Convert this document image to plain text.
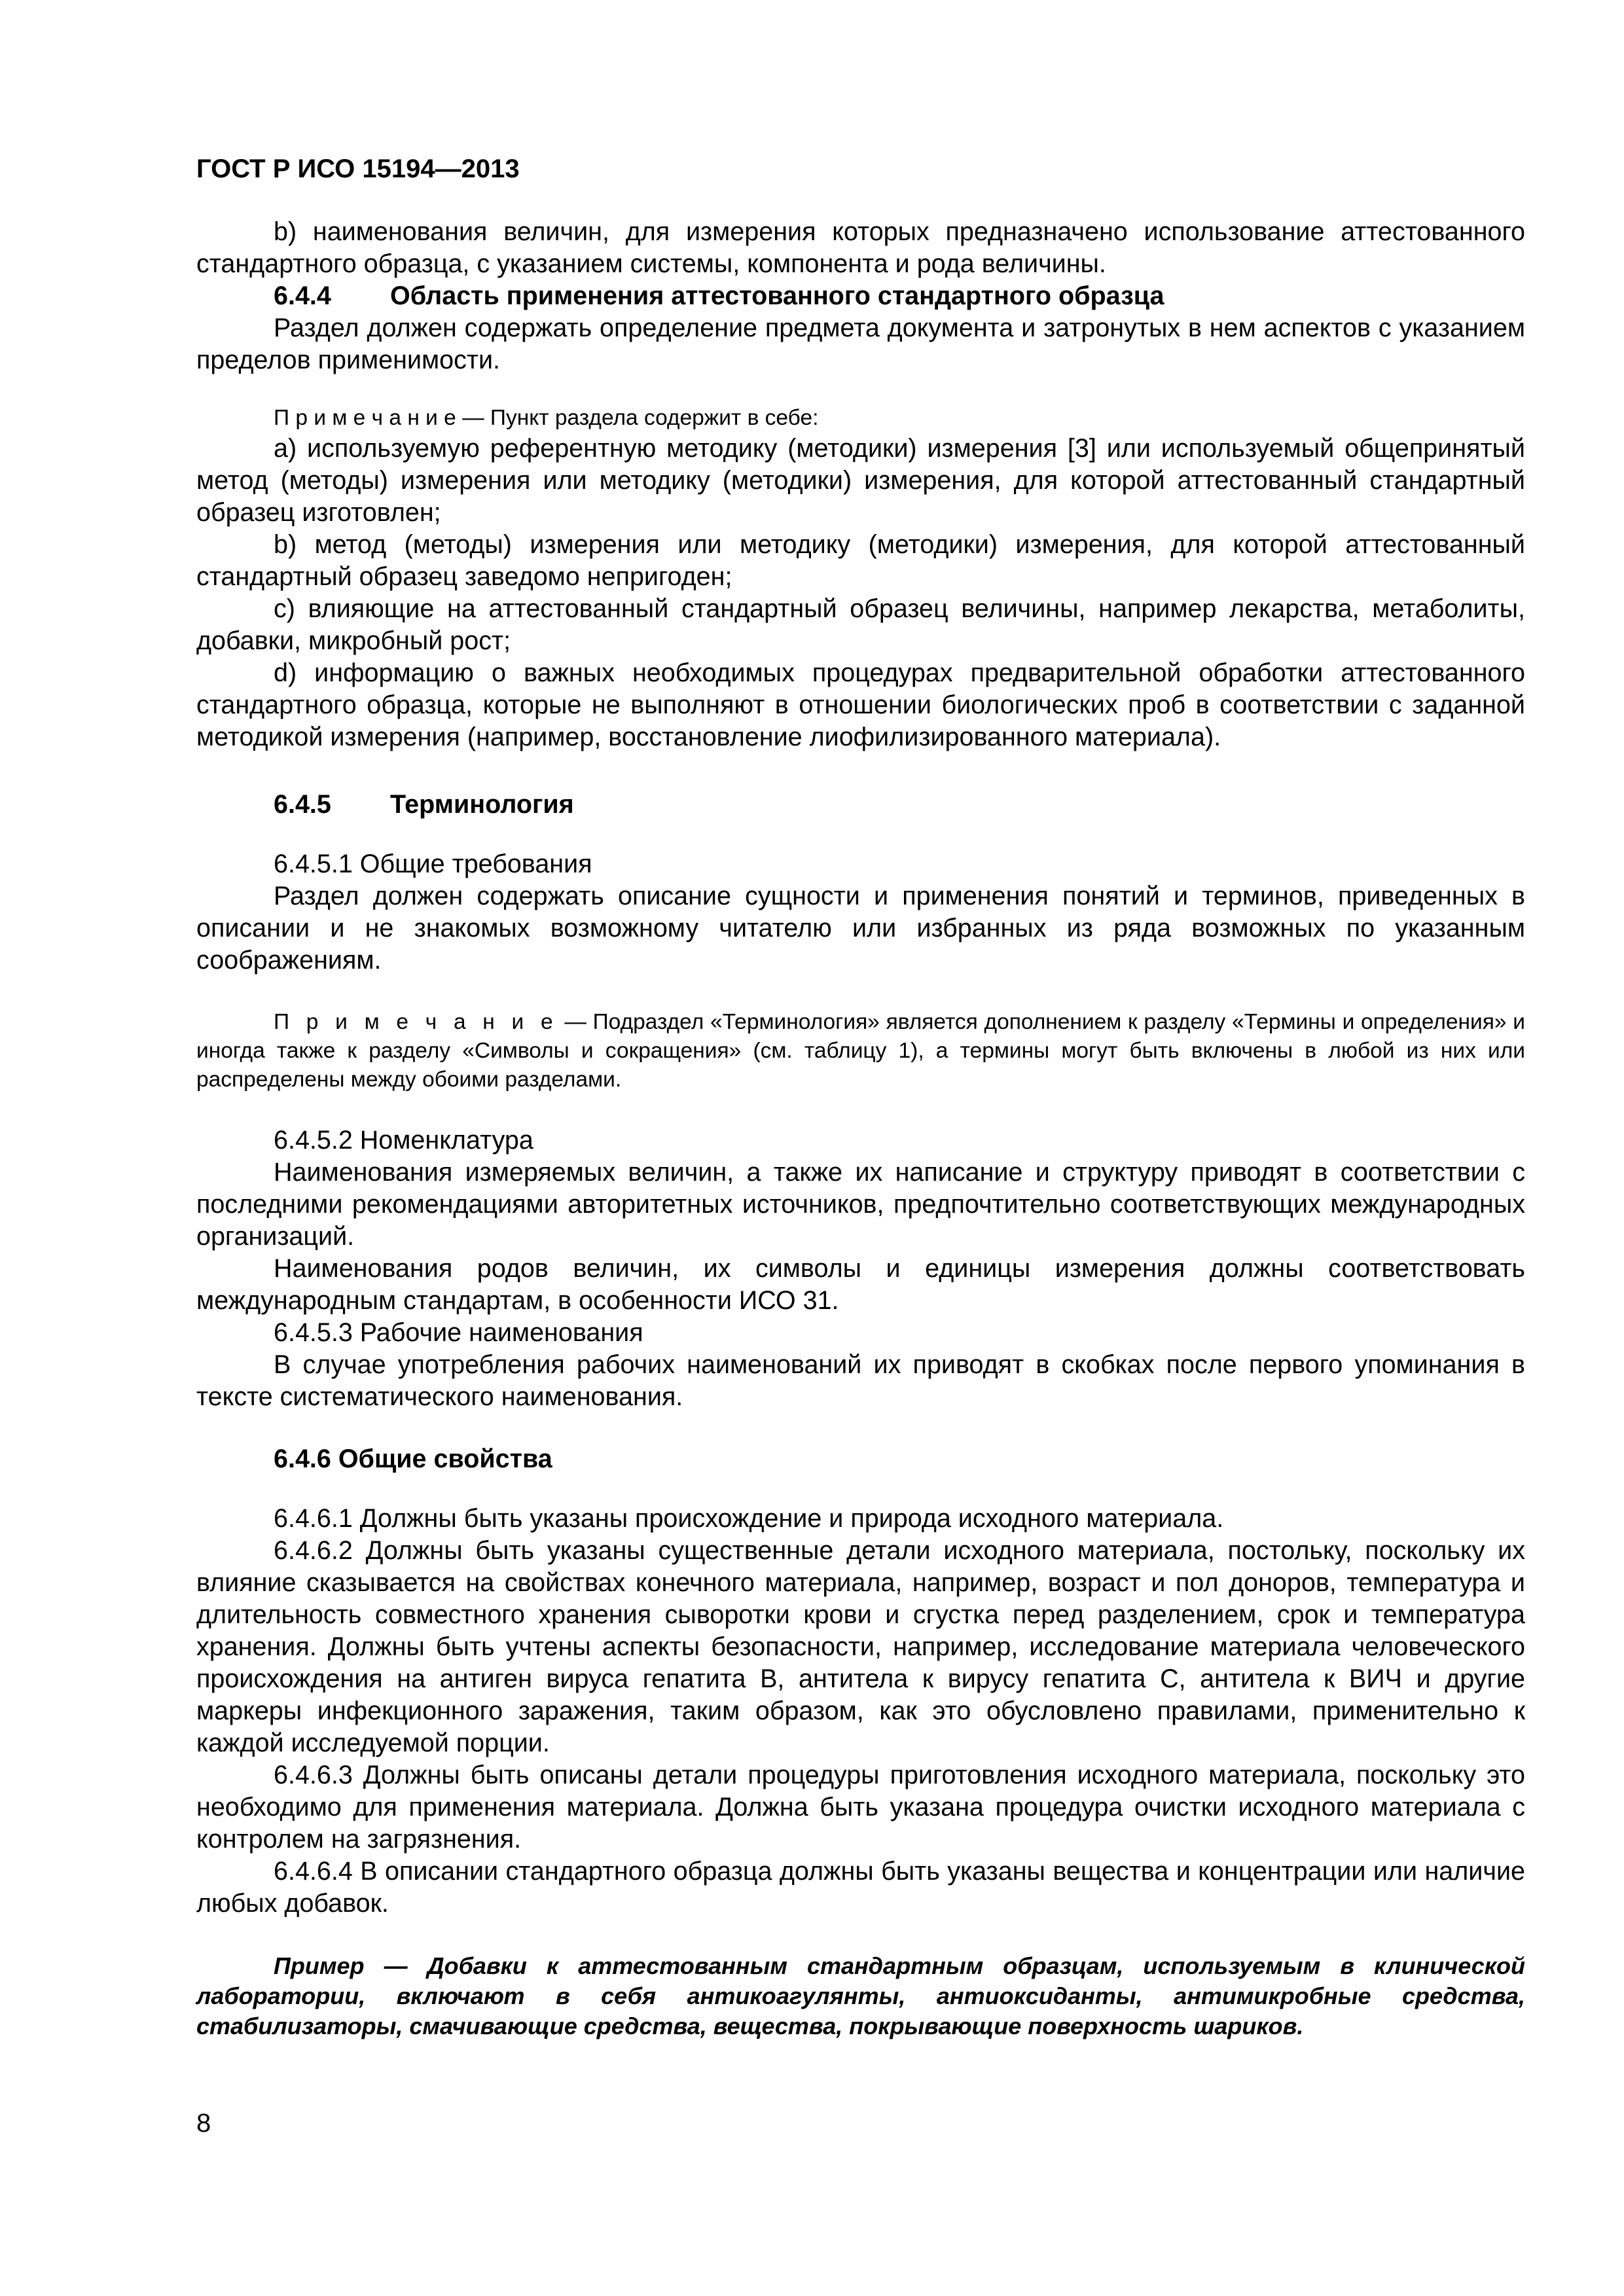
ГОСТ Р ИСО 15194—2013

b) наименования величин, для измерения которых предназначено использование аттестованного стандартного образца, с указанием системы, компонента и рода величины.

6.4.4 Область применения аттестованного стандартного образца

Раздел должен содержать определение предмета документа и затронутых в нем аспектов с указанием пределов применимости.

П р и м е ч а н и е — Пункт раздела содержит в себе:

а) используемую референтную методику (методики) измерения [3] или используемый общепринятый метод (методы) измерения или методику (методики) измерения, для которой аттестованный стандартный образец изготовлен;

b) метод (методы) измерения или методику (методики) измерения, для которой аттестованный стандартный образец заведомо непригоден;

с) влияющие на аттестованный стандартный образец величины, например лекарства, метаболиты, добавки, микробный рост;

d) информацию о важных необходимых процедурах предварительной обработки аттестованного стандартного образца, которые не выполняют в отношении биологических проб в соответствии с заданной методикой измерения (например, восстановление лиофилизированного материала).

6.4.5 Терминология

6.4.5.1 Общие требования

Раздел должен содержать описание сущности и применения понятий и терминов, приведенных в описании и не знакомых возможному читателю или избранных из ряда возможных по указанным соображениям.

П р и м е ч а н и е — Подраздел «Терминология» является дополнением к разделу «Термины и определения» и иногда также к разделу «Символы и сокращения» (см. таблицу 1), а термины могут быть включены в любой из них или распределены между обоими разделами.

6.4.5.2 Номенклатура

Наименования измеряемых величин, а также их написание и структуру приводят в соответствии с последними рекомендациями авторитетных источников, предпочтительно соответствующих международных организаций.

Наименования родов величин, их символы и единицы измерения должны соответствовать международным стандартам, в особенности ИСО 31.

6.4.5.3 Рабочие наименования

В случае употребления рабочих наименований их приводят в скобках после первого упоминания в тексте систематического наименования.

6.4.6 Общие свойства

6.4.6.1 Должны быть указаны происхождение и природа исходного материала.

6.4.6.2 Должны быть указаны существенные детали исходного материала, постольку, поскольку их влияние сказывается на свойствах конечного материала, например, возраст и пол доноров, температура и длительность совместного хранения сыворотки крови и сгустка перед разделением, срок и температура хранения. Должны быть учтены аспекты безопасности, например, исследование материала человеческого происхождения на антиген вируса гепатита В, антитела к вирусу гепатита С, антитела к ВИЧ и другие маркеры инфекционного заражения, таким образом, как это обусловлено правилами, применительно к каждой исследуемой порции.

6.4.6.3 Должны быть описаны детали процедуры приготовления исходного материала, поскольку это необходимо для применения материала. Должна быть указана процедура очистки исходного материала с контролем на загрязнения.

6.4.6.4 В описании стандартного образца должны быть указаны вещества и концентрации или наличие любых добавок.

Пример — Добавки к аттестованным стандартным образцам, используемым в клинической лаборатории, включают в себя антикоагулянты, антиоксиданты, антимикробные средства, стабилизаторы, смачивающие средства, вещества, покрывающие поверхность шариков.

8
